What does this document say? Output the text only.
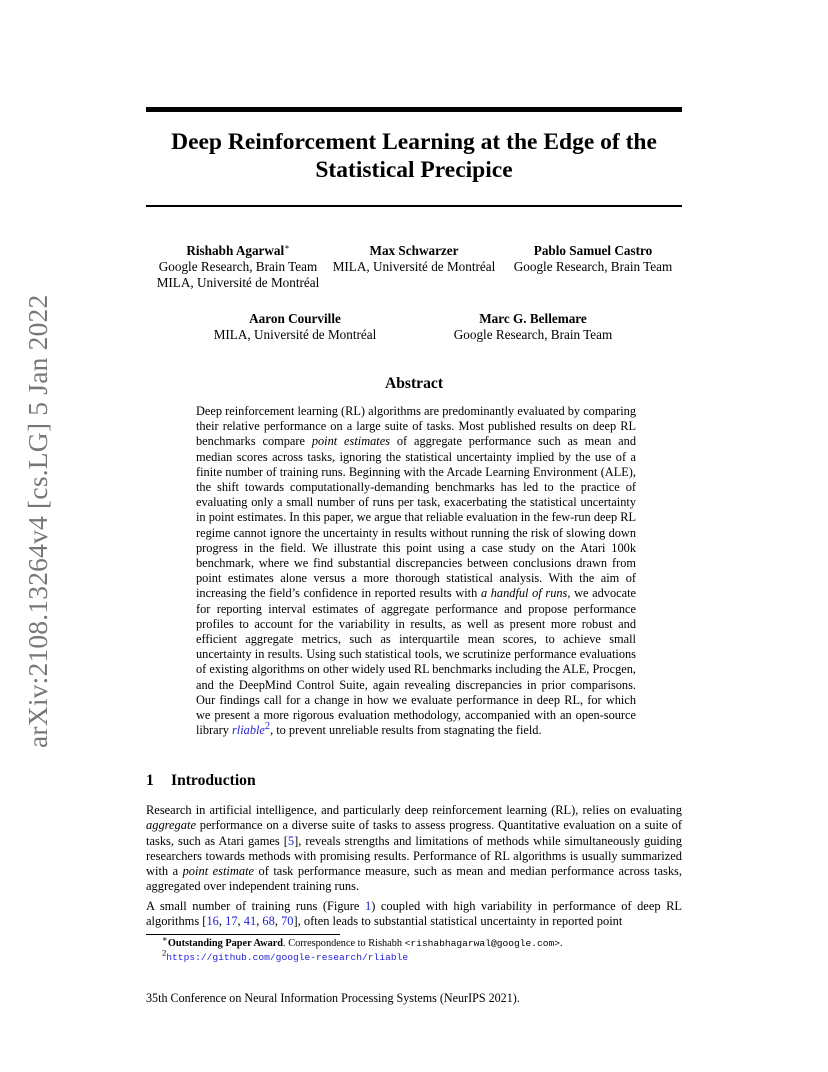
Deep Reinforcement Learning at the Edge of the
Statistical Precipice
arXiv:2108.13264v4 [cs.LG] 5 Jan 2022
Rishabh Agarwal∗
Google Research, Brain Team
MILA, Université de Montréal
Max Schwarzer
MILA, Université de Montréal
Pablo Samuel Castro
Google Research, Brain Team
Aaron Courville
MILA, Université de Montréal
Marc G. Bellemare
Google Research, Brain Team
Abstract
Deep reinforcement learning (RL) algorithms are predominantly evaluated by comparing their relative performance on a large suite of tasks. Most published results on deep RL benchmarks compare point estimates of aggregate performance such as mean and median scores across tasks, ignoring the statistical uncertainty implied by the use of a finite number of training runs. Beginning with the Arcade Learning Environment (ALE), the shift towards computationally-demanding benchmarks has led to the practice of evaluating only a small number of runs per task, exacerbating the statistical uncertainty in point estimates. In this paper, we argue that reliable evaluation in the few-run deep RL regime cannot ignore the uncertainty in results without running the risk of slowing down progress in the field. We illustrate this point using a case study on the Atari 100k benchmark, where we find substantial discrepancies between conclusions drawn from point estimates alone versus a more thorough statistical analysis. With the aim of increasing the field’s confidence in reported results with a handful of runs, we advocate for reporting interval estimates of aggregate performance and propose performance profiles to account for the variability in results, as well as present more robust and efficient aggregate metrics, such as interquartile mean scores, to achieve small uncertainty in results. Using such statistical tools, we scrutinize performance evaluations of existing algorithms on other widely used RL benchmarks including the ALE, Procgen, and the DeepMind Control Suite, again revealing discrepancies in prior comparisons. Our findings call for a change in how we evaluate performance in deep RL, for which we present a more rigorous evaluation methodology, accompanied with an open-source library rliable$^2$, to prevent unreliable results from stagnating the field.
1 Introduction
Research in artificial intelligence, and particularly deep reinforcement learning (RL), relies on evaluating aggregate performance on a diverse suite of tasks to assess progress. Quantitative evaluation on a suite of tasks, such as Atari games [5], reveals strengths and limitations of methods while simultaneously guiding researchers towards methods with promising results. Performance of RL algorithms is usually summarized with a point estimate of task performance measure, such as mean and median performance across tasks, aggregated over independent training runs.
A small number of training runs (Figure 1) coupled with high variability in performance of deep RL algorithms [16, 17, 41, 68, 70], often leads to substantial statistical uncertainty in reported point
∗Outstanding Paper Award. Correspondence to Rishabh <rishabhagarwal@google.com>.
$^2$https://github.com/google-research/rliable
35th Conference on Neural Information Processing Systems (NeurIPS 2021).
